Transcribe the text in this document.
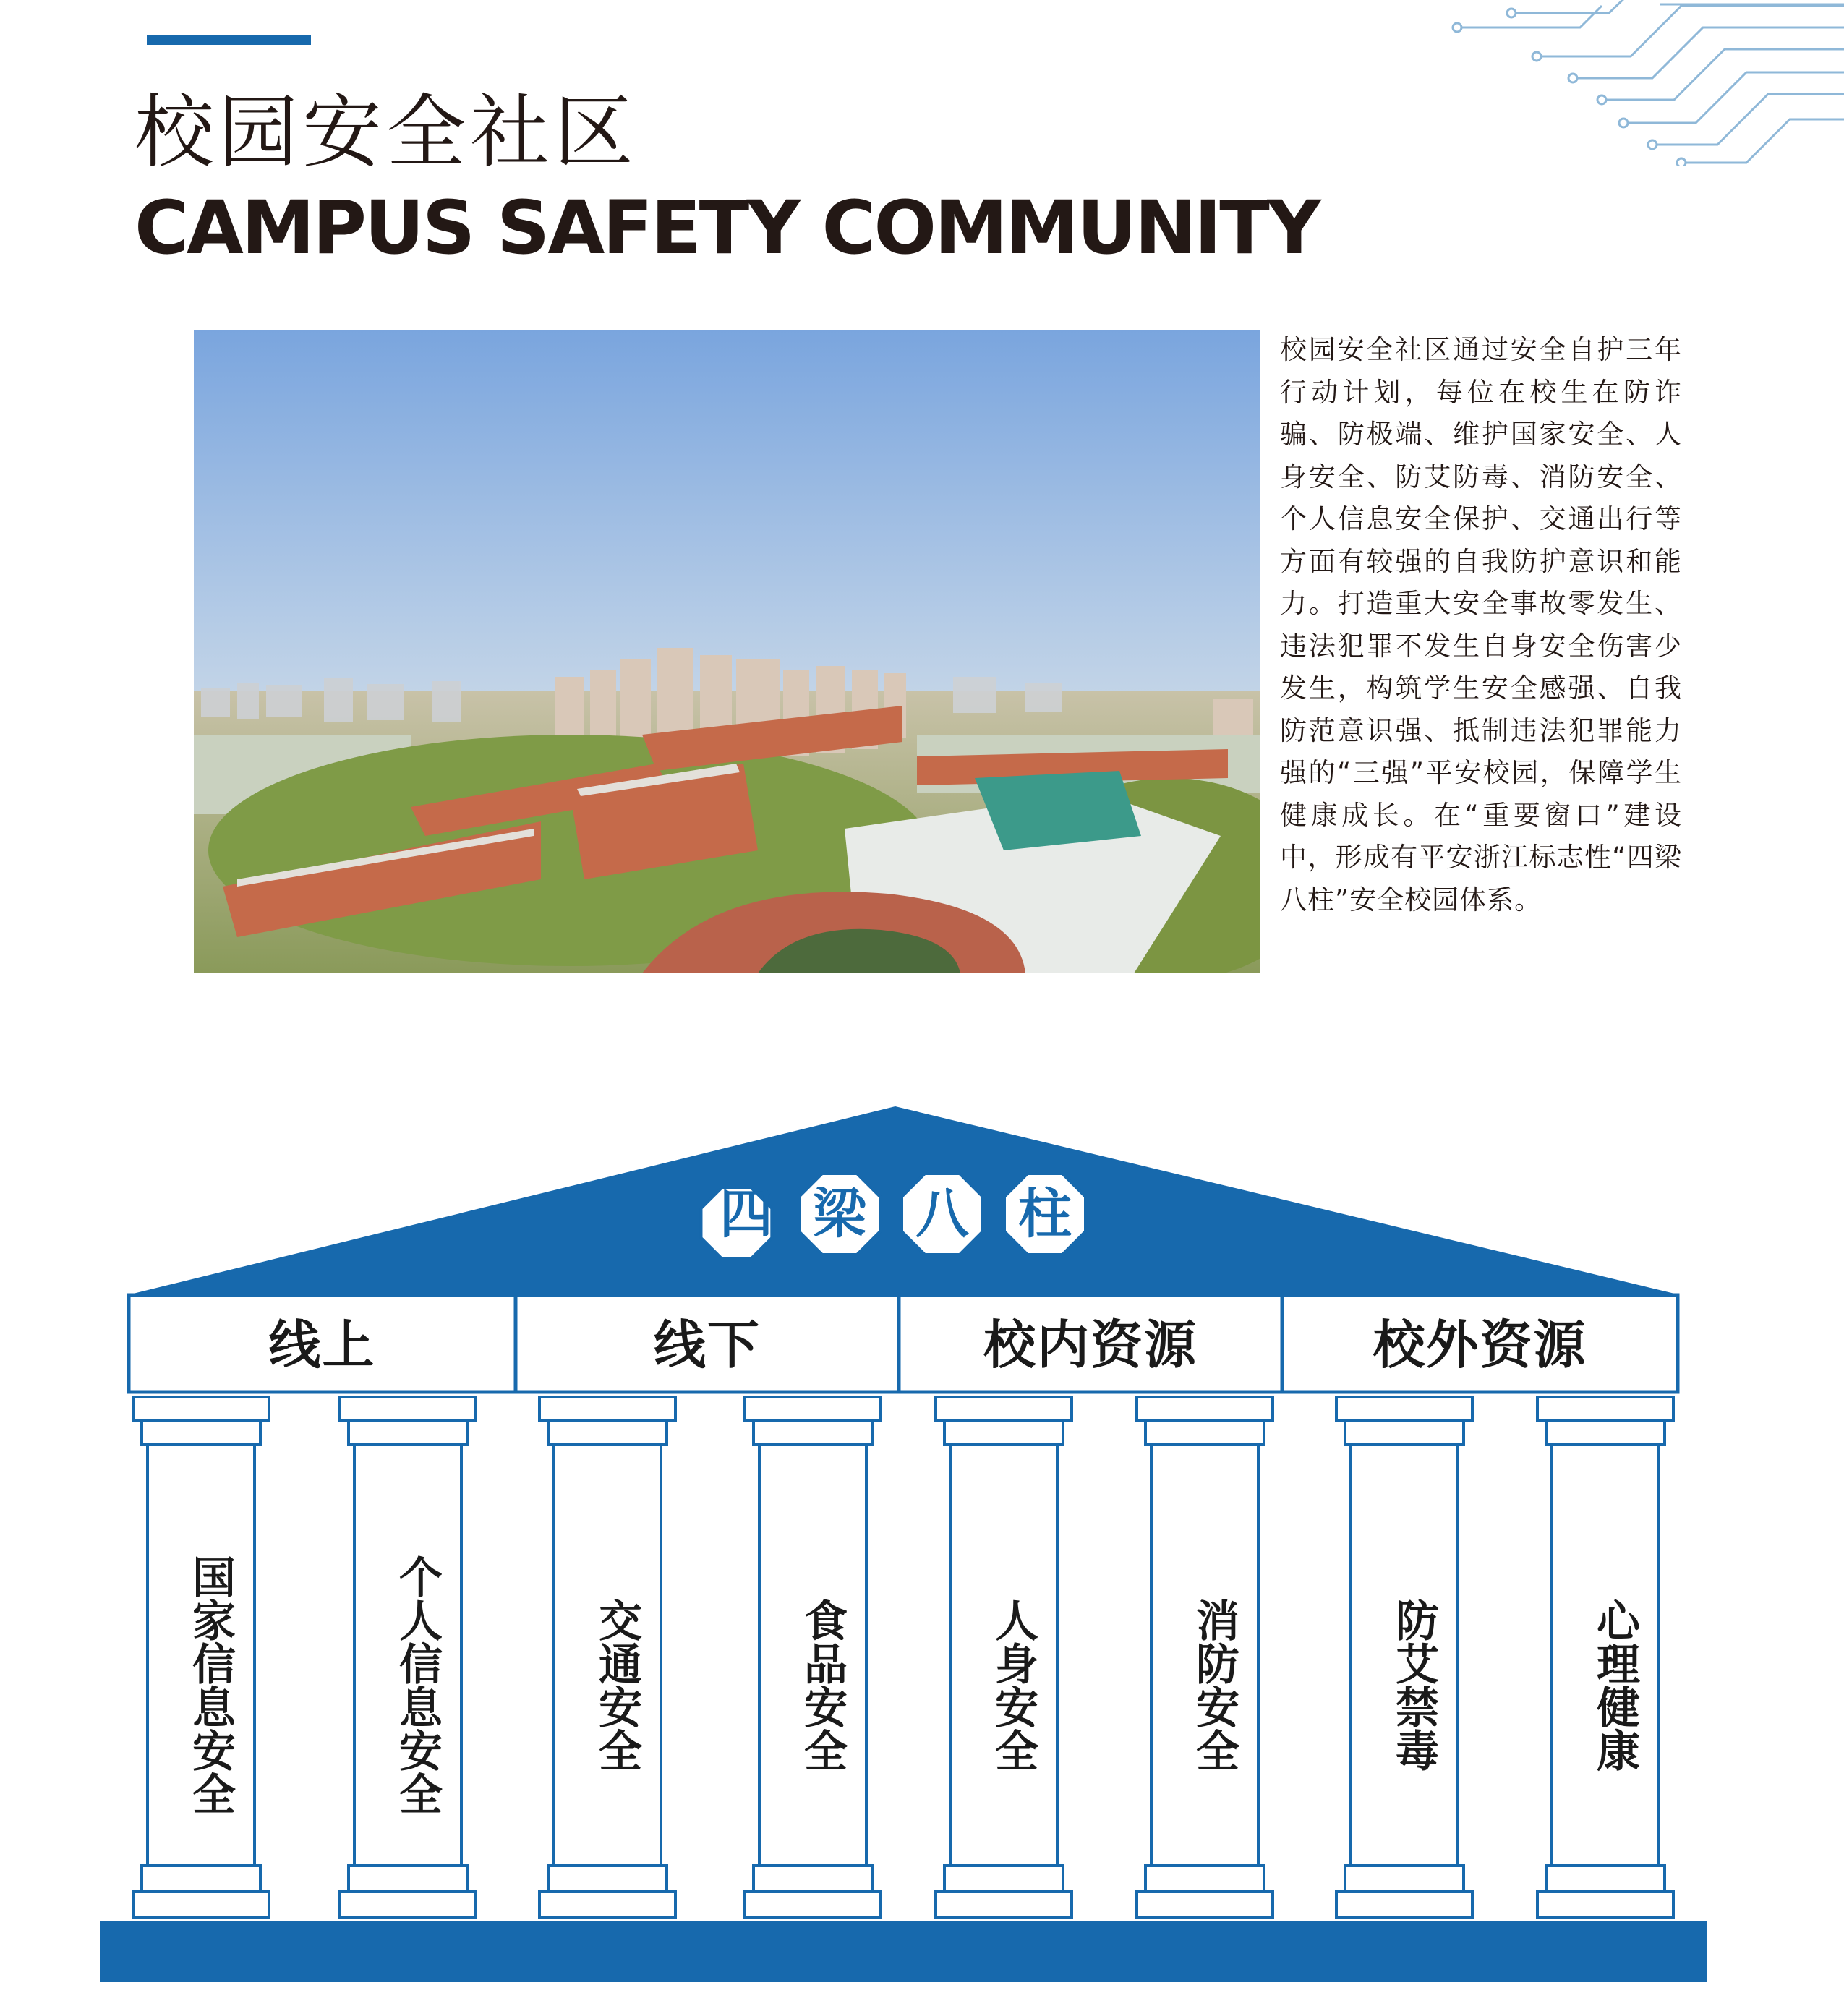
校园安全社区
CAMPUS SAFETY COMMUNITY

校园安全社区通过安全自护三年行动计划，每位在校生在防诈骗、防极端、维护国家安全、人身安全、防艾防毒、消防安全、个人信息安全保护、交通出行等方面有较强的自我防护意识和能力。打造重大安全事故零发生、违法犯罪不发生自身安全伤害少发生，构筑学生安全感强、自我防范意识强、抵制违法犯罪能力强的“三强”平安校园，保障学生健康成长。在“重要窗口”建设中，形成有平安浙江标志性“四梁八柱”安全校园体系。

四 梁 八 柱
线上	线下	校内资源	校外资源
国家信息安全	个人信息安全	交通安全	食品安全	人身安全	消防安全	防艾禁毒	心理健康
